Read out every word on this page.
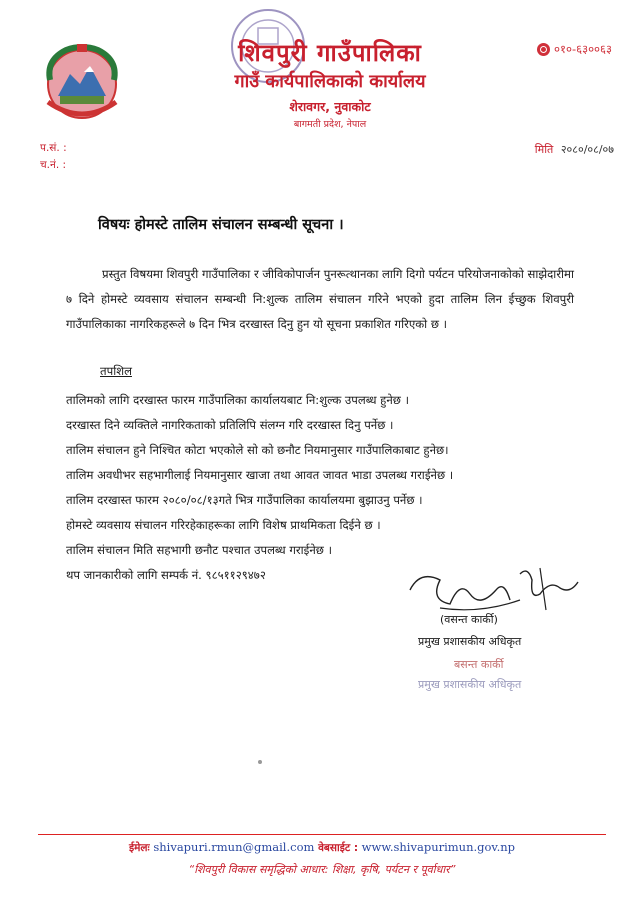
०१०-६३००६३
शिवपुरी गाउँपालिका
गाउँ कार्यपालिकाको कार्यालय
शेरावगर, नुवाकोट
बागमती प्रदेश, नेपाल
प.सं. :
च.नं. :
मिति २०८०/०८/०७
विषयः होमस्टे तालिम संचालन सम्बन्धी सूचना ।
प्रस्तुत विषयमा शिवपुरी गाउँपालिका र जीविकोपार्जन पुनरूत्थानका लागि दिगो पर्यटन परियोजनाकोको साझेदारीमा ७ दिने होमस्टे व्यवसाय संचालन सम्बन्धी नि:शुल्क तालिम संचालन गरिने भएको हुदा तालिम लिन ईच्छुक शिवपुरी गाउँपालिकाका नागरिकहरूले ७ दिन भित्र दरखास्त दिनु हुन यो सूचना प्रकाशित गरिएको छ ।
तपशिल
तालिमको लागि दरखास्त फारम गाउँपालिका कार्यालयबाट नि:शुल्क उपलब्ध हुनेछ ।
दरखास्त दिने व्यक्तिले नागरिकताको प्रतिलिपि संलग्न गरि दरखास्त दिनु पर्नेछ ।
तालिम संचालन हुने निश्चित कोटा भएकोले सो को छनौट नियमानुसार गाउँपालिकाबाट हुनेछ।
तालिम अवधीभर सहभागीलाई नियमानुसार खाजा तथा आवत जावत भाडा उपलब्ध गराईनेछ ।
तालिम दरखास्त फारम २०८०/०८/१३गते भित्र गाउँपालिका कार्यालयमा बुझाउनु पर्नेछ ।
होमस्टे व्यवसाय संचालन गरिरहेकाहरूका लागि विशेष प्राथमिकता दिईने छ ।
तालिम संचालन मिति सहभागी छनौट पश्चात उपलब्ध गराईनेछ ।
थप जानकारीको लागि सम्पर्क नं. ९८५११२९४७२
(वसन्त कार्की)
प्रमुख प्रशासकीय अधिकृत
बसन्त कार्की
प्रमुख प्रशासकीय अधिकृत
ईमेलः shivapuri.rmun@gmail.com वेबसाईट : www.shivapurimun.gov.np
“शिवपुरी विकास समृद्धिको आधार: शिक्षा, कृषि, पर्यटन र पूर्वाधार”
